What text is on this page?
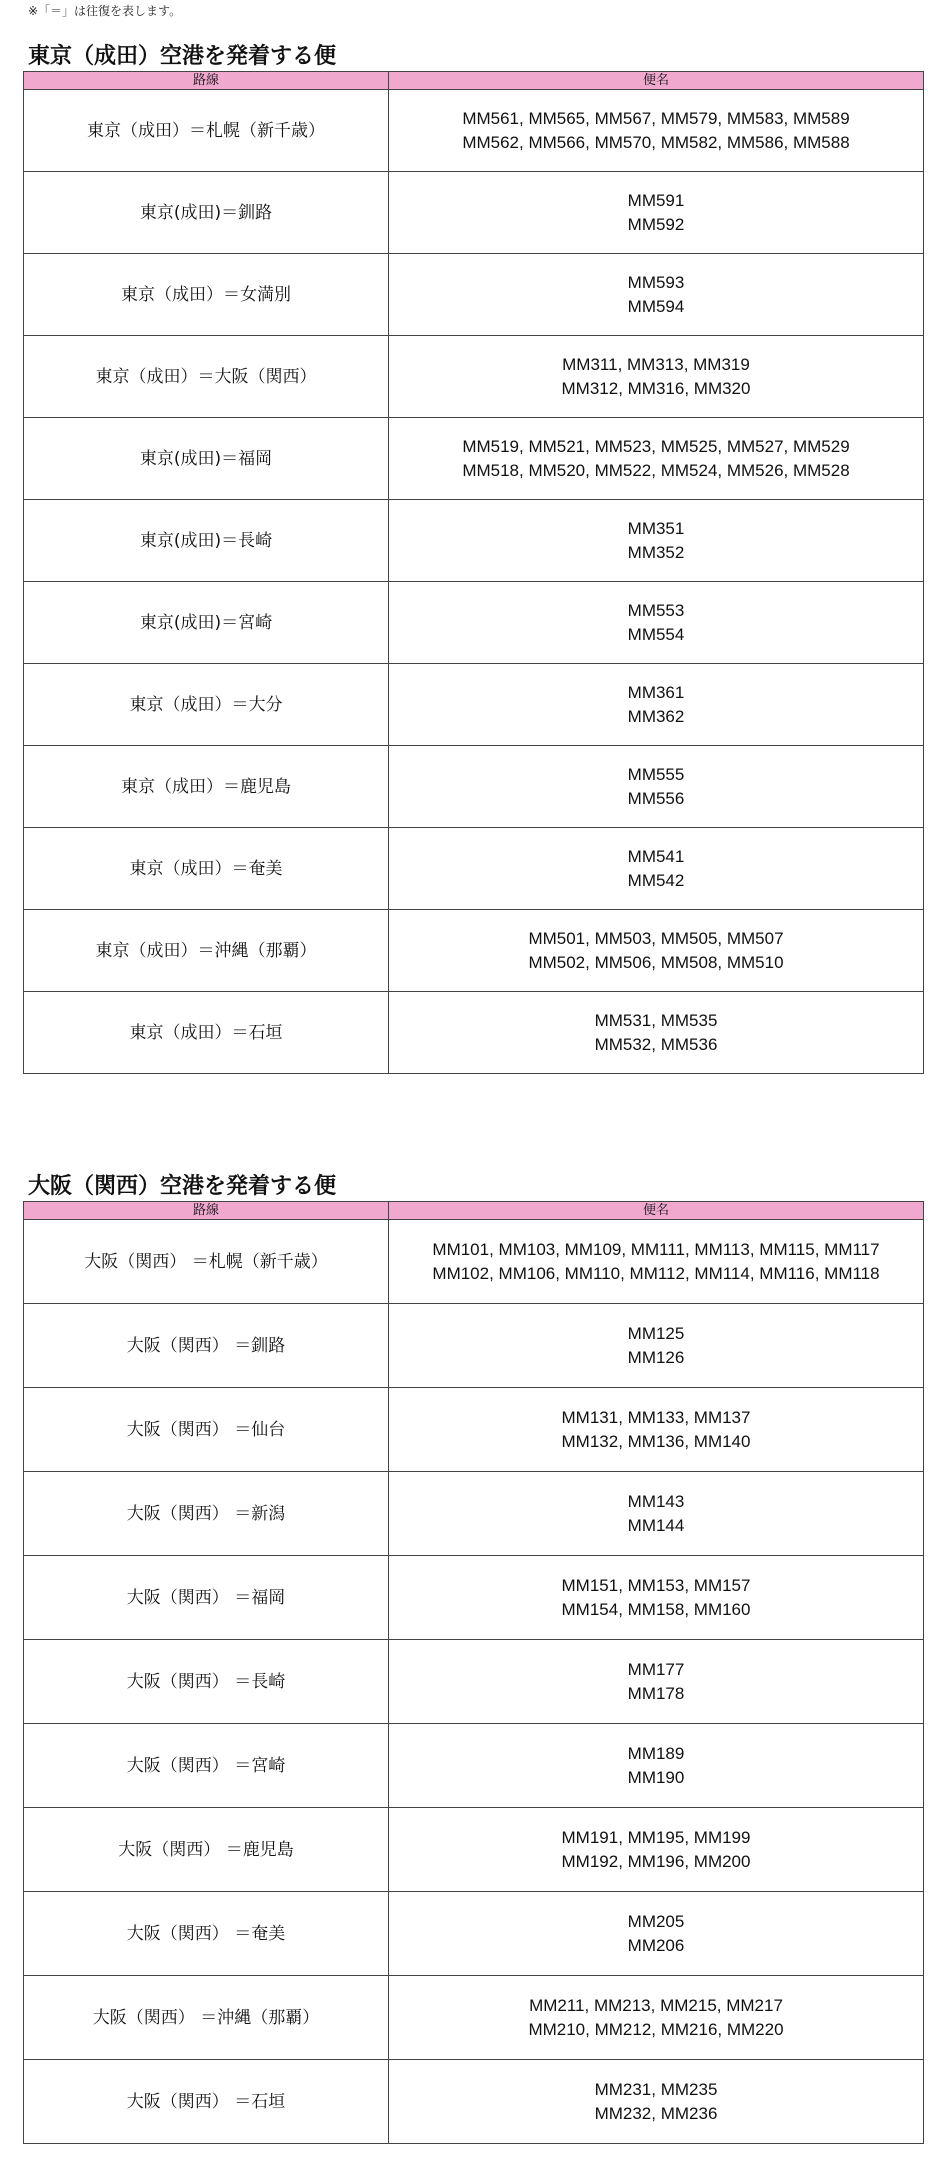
※「＝」は往復を表します。
東京（成田）空港を発着する便
路線	便名
東京（成田）＝札幌（新千歳）	MM561, MM565, MM567, MM579, MM583, MM589
MM562, MM566, MM570, MM582, MM586, MM588

東京(成田)＝釧路	MM591
MM592

東京（成田）＝女満別	MM593
MM594

東京（成田）＝大阪（関西）	MM311, MM313, MM319
MM312, MM316, MM320

東京(成田)＝福岡	MM519, MM521, MM523, MM525, MM527, MM529
MM518, MM520, MM522, MM524, MM526, MM528

東京(成田)＝長崎	MM351
MM352

東京(成田)＝宮崎	MM553
MM554

東京（成田）＝大分	MM361
MM362

東京（成田）＝鹿児島	MM555
MM556

東京（成田）＝奄美	MM541
MM542

東京（成田）＝沖縄（那覇）	MM501, MM503, MM505, MM507
MM502, MM506, MM508, MM510

東京（成田）＝石垣	MM531, MM535
MM532, MM536
大阪（関西）空港を発着する便
路線	便名
大阪（関西） ＝札幌（新千歳）	MM101, MM103, MM109, MM111, MM113, MM115, MM117
MM102, MM106, MM110, MM112, MM114, MM116, MM118

大阪（関西） ＝釧路	MM125
MM126

大阪（関西） ＝仙台	MM131, MM133, MM137
MM132, MM136, MM140

大阪（関西） ＝新潟	MM143
MM144

大阪（関西） ＝福岡	MM151, MM153, MM157
MM154, MM158, MM160

大阪（関西） ＝長崎	MM177
MM178

大阪（関西） ＝宮崎	MM189
MM190

大阪（関西） ＝鹿児島	MM191, MM195, MM199
MM192, MM196, MM200

大阪（関西） ＝奄美	MM205
MM206

大阪（関西） ＝沖縄（那覇）	MM211, MM213, MM215, MM217
MM210, MM212, MM216, MM220

大阪（関西） ＝石垣	MM231, MM235
MM232, MM236
